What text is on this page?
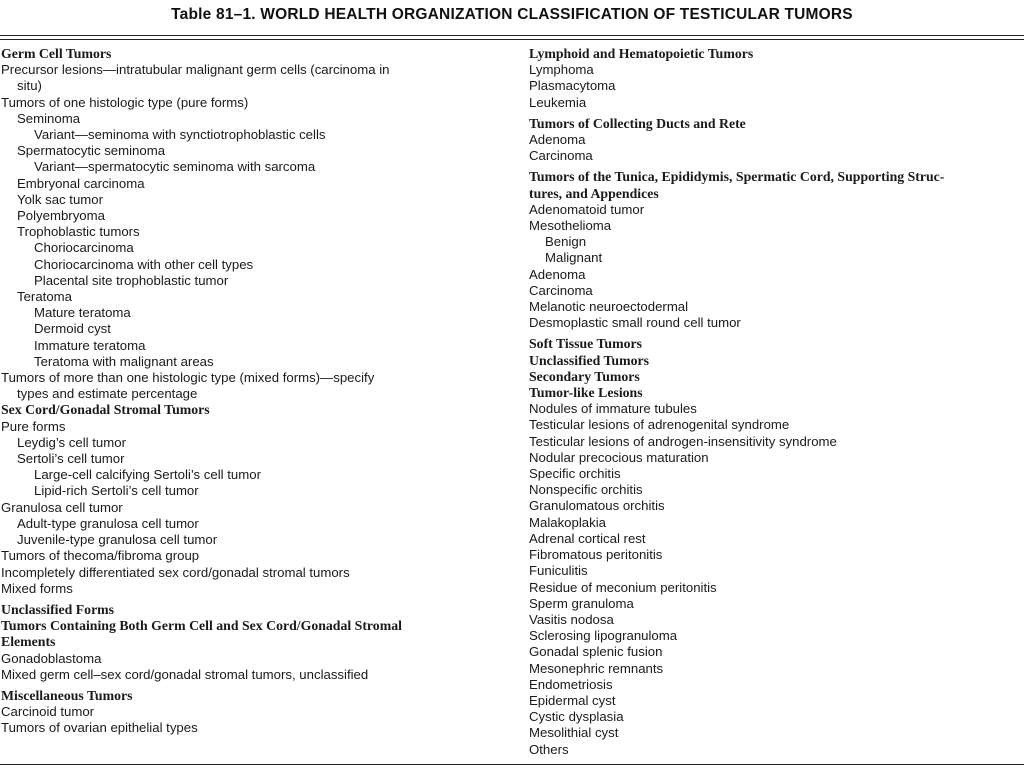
Table 81–1. WORLD HEALTH ORGANIZATION CLASSIFICATION OF TESTICULAR TUMORS
Germ Cell Tumors
Precursor lesions—intratubular malignant germ cells (carcinoma in
situ)
Tumors of one histologic type (pure forms)
Seminoma
Variant—seminoma with synctiotrophoblastic cells
Spermatocytic seminoma
Variant—spermatocytic seminoma with sarcoma
Embryonal carcinoma
Yolk sac tumor
Polyembryoma
Trophoblastic tumors
Choriocarcinoma
Choriocarcinoma with other cell types
Placental site trophoblastic tumor
Teratoma
Mature teratoma
Dermoid cyst
Immature teratoma
Teratoma with malignant areas
Tumors of more than one histologic type (mixed forms)—specify
types and estimate percentage
Sex Cord/Gonadal Stromal Tumors
Pure forms
Leydig’s cell tumor
Sertoli’s cell tumor
Large-cell calcifying Sertoli’s cell tumor
Lipid-rich Sertoli’s cell tumor
Granulosa cell tumor
Adult-type granulosa cell tumor
Juvenile-type granulosa cell tumor
Tumors of thecoma/fibroma group
Incompletely differentiated sex cord/gonadal stromal tumors
Mixed forms
Unclassified Forms
Tumors Containing Both Germ Cell and Sex Cord/Gonadal Stromal
Elements
Gonadoblastoma
Mixed germ cell–sex cord/gonadal stromal tumors, unclassified
Miscellaneous Tumors
Carcinoid tumor
Tumors of ovarian epithelial types
Lymphoid and Hematopoietic Tumors
Lymphoma
Plasmacytoma
Leukemia
Tumors of Collecting Ducts and Rete
Adenoma
Carcinoma
Tumors of the Tunica, Epididymis, Spermatic Cord, Supporting Struc-
tures, and Appendices
Adenomatoid tumor
Mesothelioma
Benign
Malignant
Adenoma
Carcinoma
Melanotic neuroectodermal
Desmoplastic small round cell tumor
Soft Tissue Tumors
Unclassified Tumors
Secondary Tumors
Tumor-like Lesions
Nodules of immature tubules
Testicular lesions of adrenogenital syndrome
Testicular lesions of androgen-insensitivity syndrome
Nodular precocious maturation
Specific orchitis
Nonspecific orchitis
Granulomatous orchitis
Malakoplakia
Adrenal cortical rest
Fibromatous peritonitis
Funiculitis
Residue of meconium peritonitis
Sperm granuloma
Vasitis nodosa
Sclerosing lipogranuloma
Gonadal splenic fusion
Mesonephric remnants
Endometriosis
Epidermal cyst
Cystic dysplasia
Mesolithial cyst
Others
